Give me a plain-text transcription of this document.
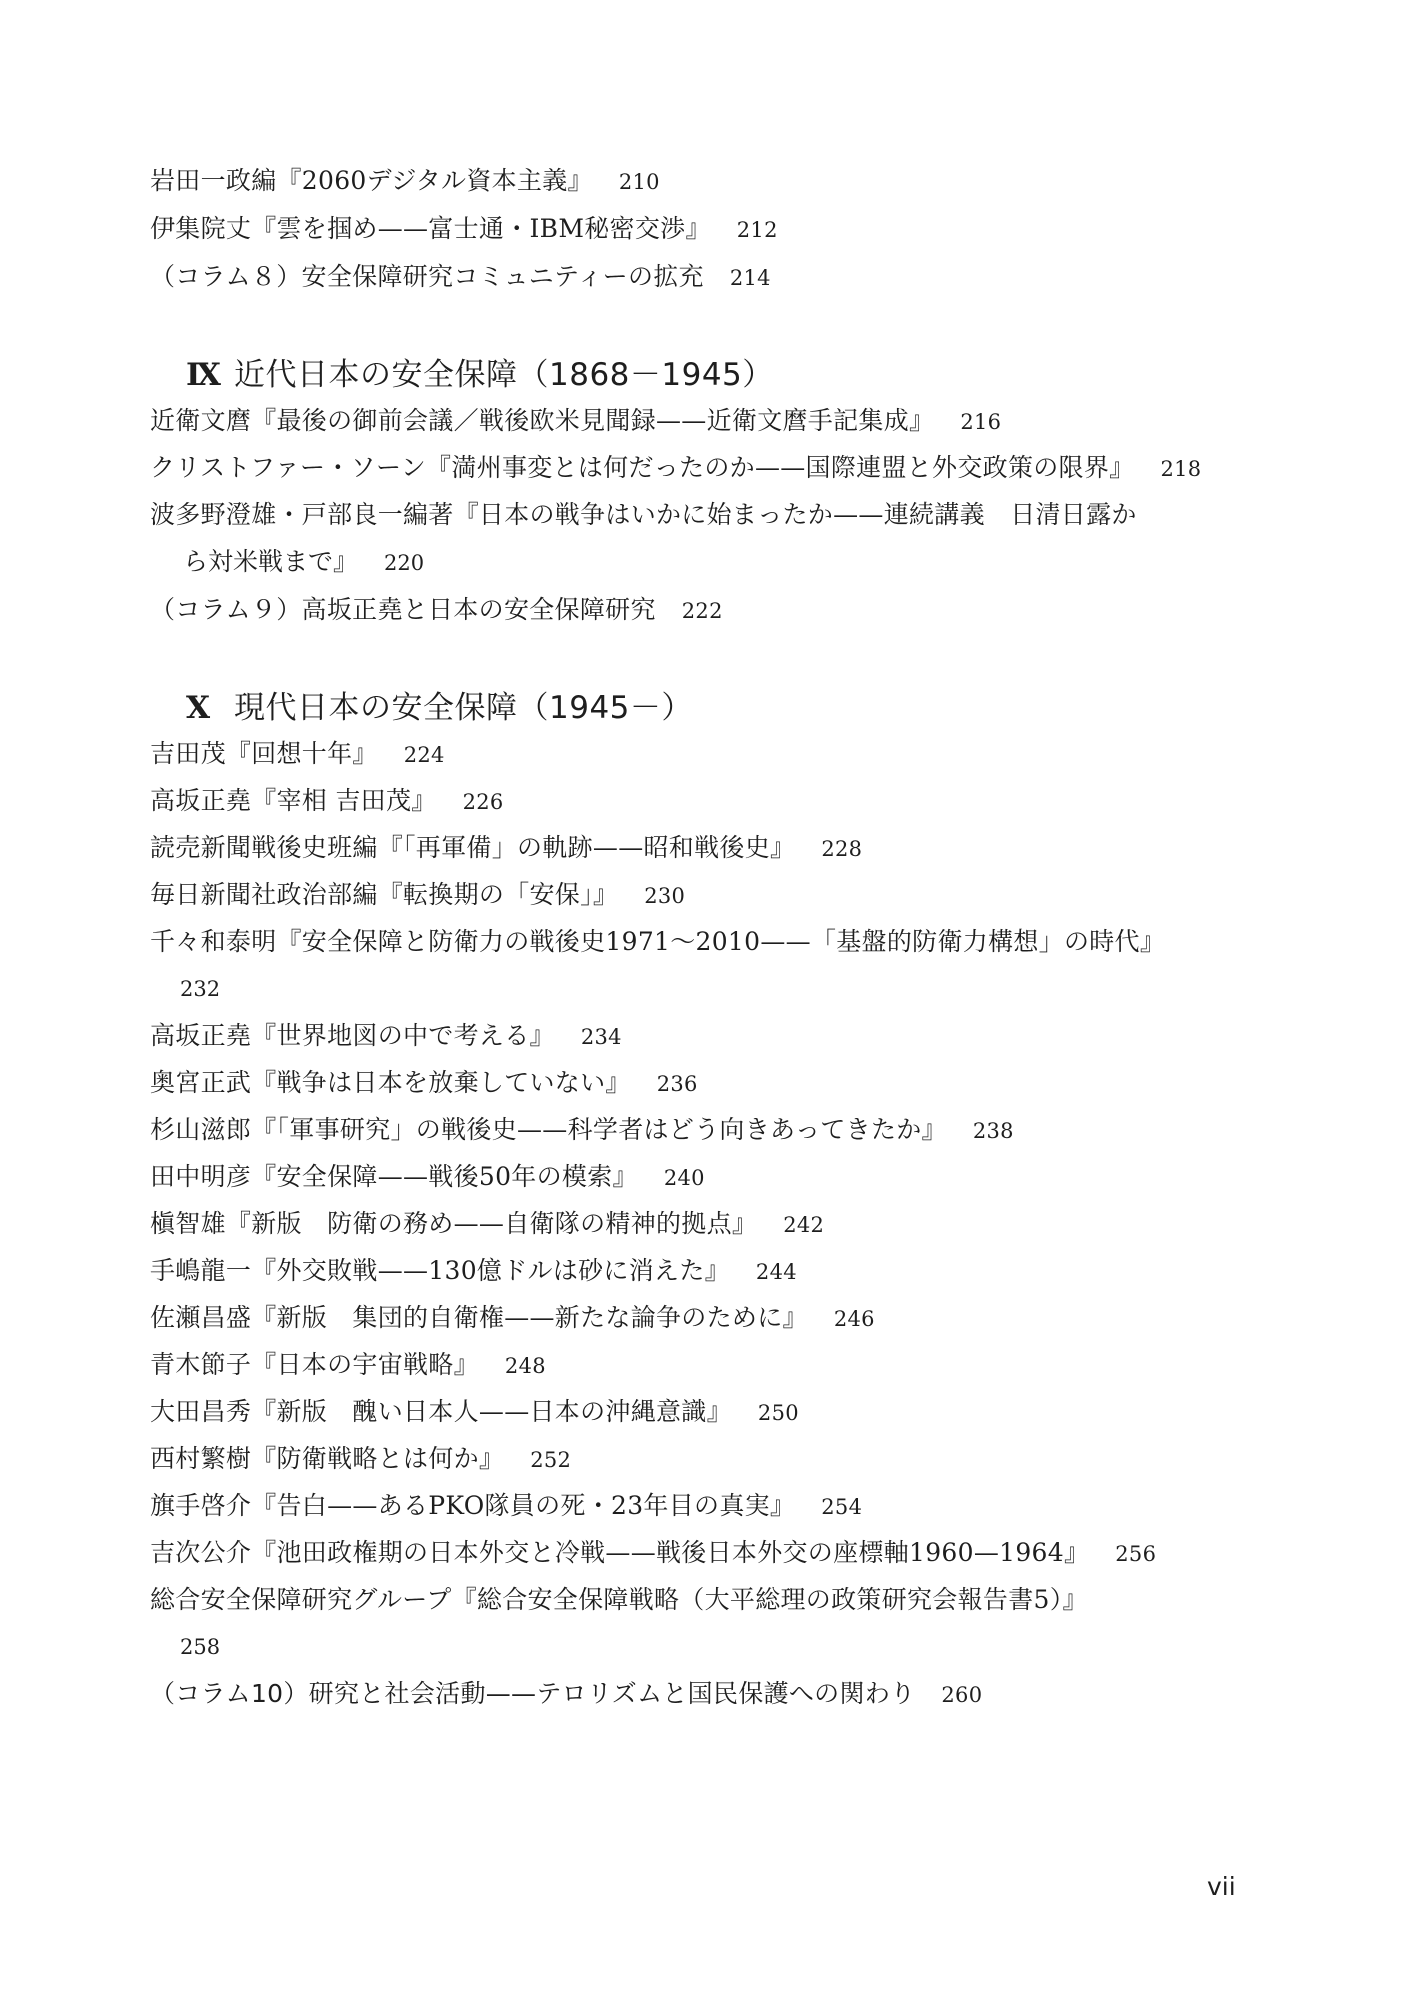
岩田一政編『2060デジタル資本主義』 210
伊集院丈『雲を掴め——富士通・IBM秘密交渉』 212
（コラム８）安全保障研究コミュニティーの拡充 214
Ⅸ 近代日本の安全保障（1868－1945）
近衛文麿『最後の御前会議／戦後欧米見聞録——近衛文麿手記集成』 216
クリストファー・ソーン『満州事変とは何だったのか——国際連盟と外交政策の限界』 218
波多野澄雄・戸部良一編著『日本の戦争はいかに始まったか——連続講義　日清日露か
ら対米戦まで』 220
（コラム９）高坂正堯と日本の安全保障研究 222
Ⅹ 現代日本の安全保障（1945－）
吉田茂『回想十年』 224
高坂正堯『宰相 吉田茂』 226
読売新聞戦後史班編『「再軍備」の軌跡——昭和戦後史』 228
毎日新聞社政治部編『転換期の「安保」』 230
千々和泰明『安全保障と防衛力の戦後史1971～2010——「基盤的防衛力構想」の時代』
232
高坂正堯『世界地図の中で考える』 234
奥宮正武『戦争は日本を放棄していない』 236
杉山滋郎『「軍事研究」の戦後史——科学者はどう向きあってきたか』 238
田中明彦『安全保障——戦後50年の模索』 240
槇智雄『新版　防衛の務め——自衛隊の精神的拠点』 242
手嶋龍一『外交敗戦——130億ドルは砂に消えた』 244
佐瀬昌盛『新版　集団的自衛権——新たな論争のために』 246
青木節子『日本の宇宙戦略』 248
大田昌秀『新版　醜い日本人——日本の沖縄意識』 250
西村繁樹『防衛戦略とは何か』 252
旗手啓介『告白——あるPKO隊員の死・23年目の真実』 254
吉次公介『池田政権期の日本外交と冷戦——戦後日本外交の座標軸1960—1964』 256
総合安全保障研究グループ『総合安全保障戦略（大平総理の政策研究会報告書5）』
258
（コラム10）研究と社会活動——テロリズムと国民保護への関わり 260
vii
